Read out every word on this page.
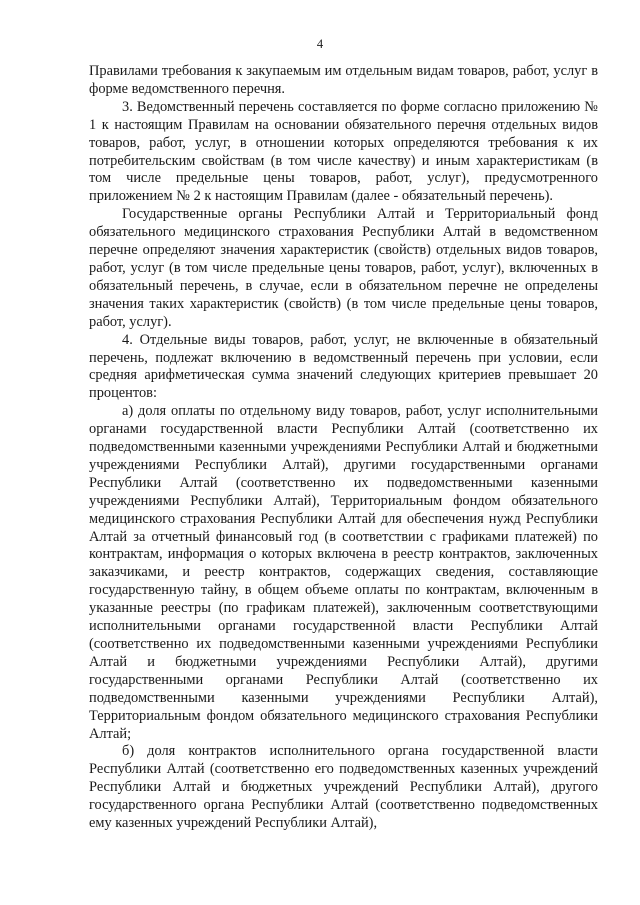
4

Правилами требования к закупаемым им отдельным видам товаров, работ, услуг в форме ведомственного перечня.

3. Ведомственный перечень составляется по форме согласно приложению № 1 к настоящим Правилам на основании обязательного перечня отдельных видов товаров, работ, услуг, в отношении которых определяются требования к их потребительским свойствам (в том числе качеству) и иным характеристикам (в том числе предельные цены товаров, работ, услуг), предусмотренного приложением № 2 к настоящим Правилам (далее - обязательный перечень).

Государственные органы Республики Алтай и Территориальный фонд обязательного медицинского страхования Республики Алтай в ведомственном перечне определяют значения характеристик (свойств) отдельных видов товаров, работ, услуг (в том числе предельные цены товаров, работ, услуг), включенных в обязательный перечень, в случае, если в обязательном перечне не определены значения таких характеристик (свойств) (в том числе предельные цены товаров, работ, услуг).

4. Отдельные виды товаров, работ, услуг, не включенные в обязательный перечень, подлежат включению в ведомственный перечень при условии, если средняя арифметическая сумма значений следующих критериев превышает 20 процентов:

а) доля оплаты по отдельному виду товаров, работ, услуг исполнительными органами государственной власти Республики Алтай (соответственно их подведомственными казенными учреждениями Республики Алтай и бюджетными учреждениями Республики Алтай), другими государственными органами Республики Алтай (соответственно их подведомственными казенными учреждениями Республики Алтай), Территориальным фондом обязательного медицинского страхования Республики Алтай для обеспечения нужд Республики Алтай за отчетный финансовый год (в соответствии с графиками платежей) по контрактам, информация о которых включена в реестр контрактов, заключенных заказчиками, и реестр контрактов, содержащих сведения, составляющие государственную тайну, в общем объеме оплаты по контрактам, включенным в указанные реестры (по графикам платежей), заключенным соответствующими исполнительными органами государственной власти Республики Алтай (соответственно их подведомственными казенными учреждениями Республики Алтай и бюджетными учреждениями Республики Алтай), другими государственными органами Республики Алтай (соответственно их подведомственными казенными учреждениями Республики Алтай), Территориальным фондом обязательного медицинского страхования Республики Алтай;

б) доля контрактов исполнительного органа государственной власти Республики Алтай (соответственно его подведомственных казенных учреждений Республики Алтай и бюджетных учреждений Республики Алтай), другого государственного органа Республики Алтай (соответственно подведомственных ему казенных учреждений Республики Алтай),
